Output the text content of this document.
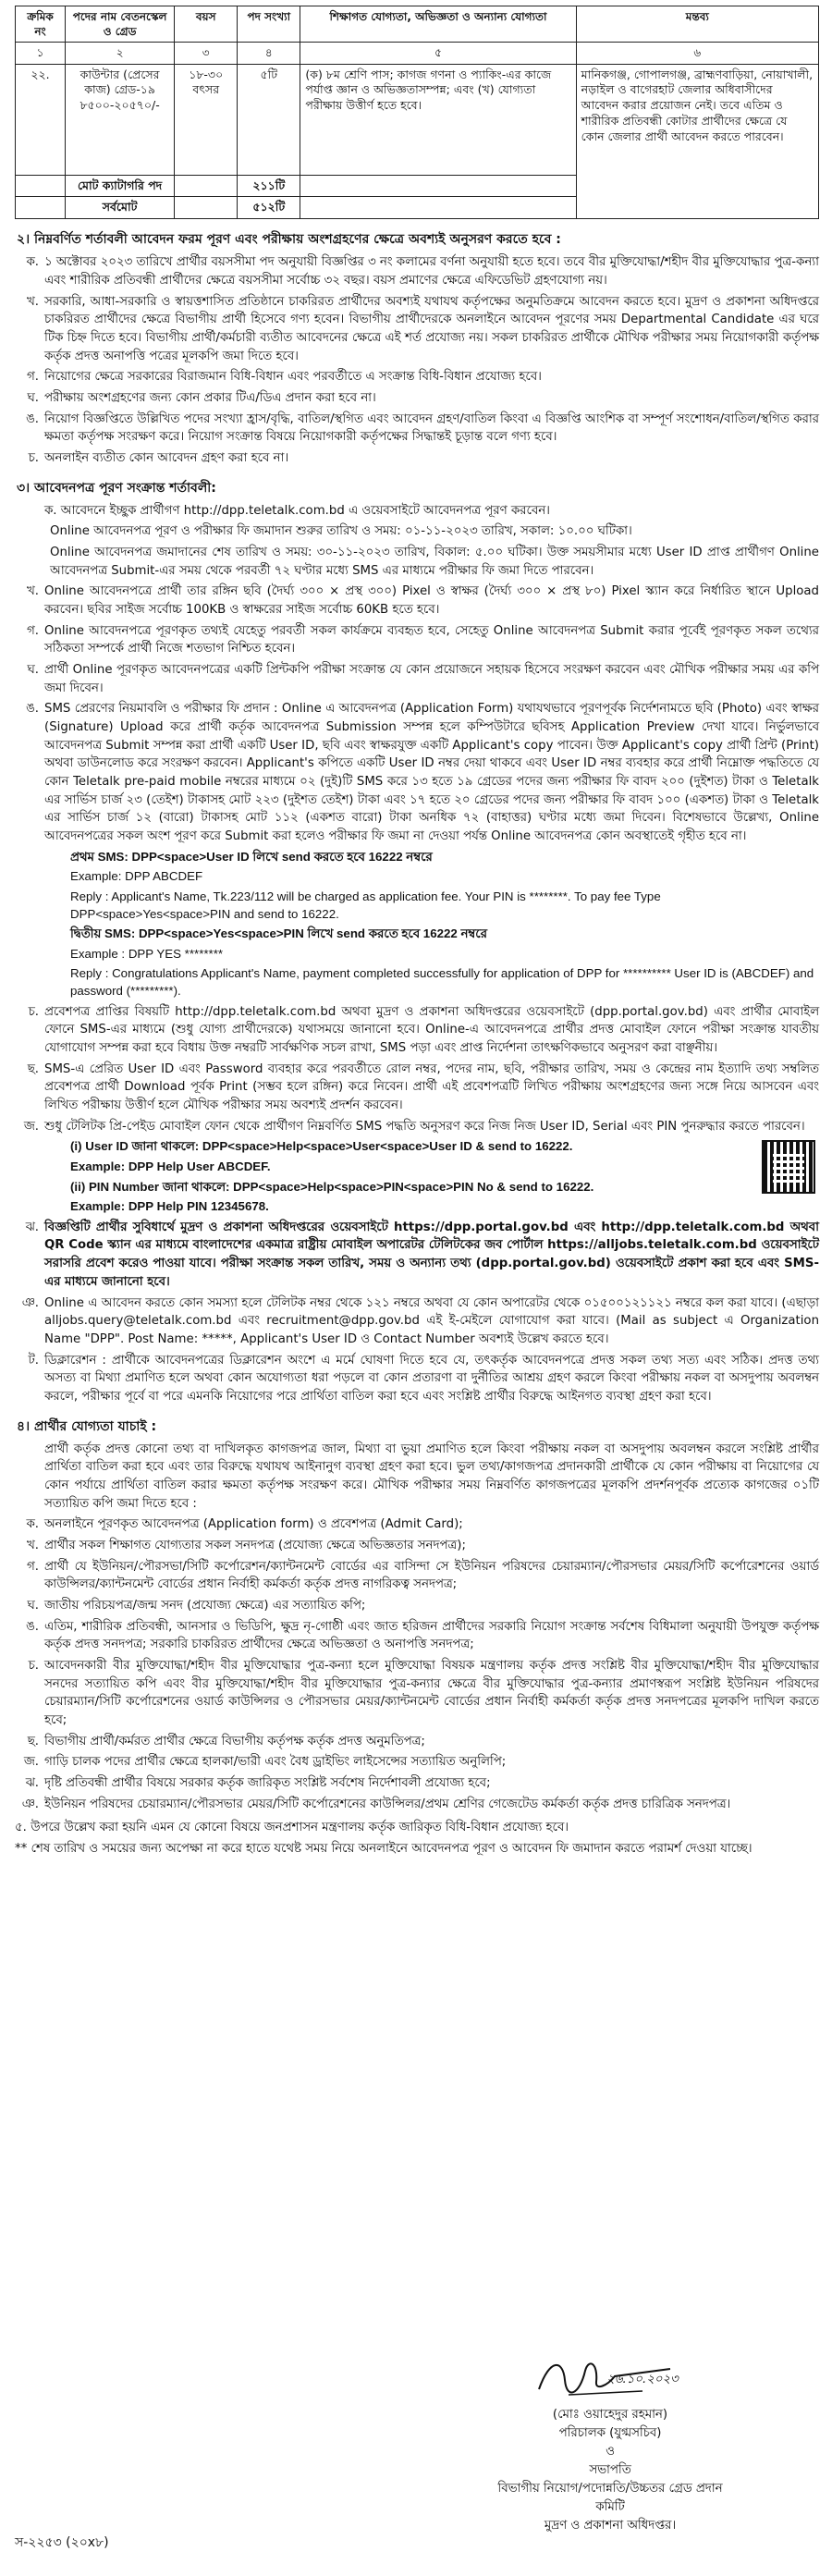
ক্রমিক নং	পদের নাম বেতনস্কেল ও গ্রেড	বয়স	পদ সংখ্যা	শিক্ষাগত যোগ্যতা, অভিজ্ঞতা ও অন্যান্য যোগ্যতা	মন্তব্য
১	২	৩	৪	৫	৬
২২.	কাউন্টার (প্রেসের কাজ) গ্রেড-১৯ ৮৫০০-২০৫৭০/-	১৮-৩০ বৎসর	৫টি	(ক) ৮ম শ্রেণি পাস; কাগজ গণনা ও প্যাকিং-এর কাজে পর্যাপ্ত জ্ঞান ও অভিজ্ঞতাসম্পন্ন; এবং (খ) যোগ্যতা পরীক্ষায় উত্তীর্ণ হতে হবে।	মানিকগঞ্জ, গোপালগঞ্জ, ব্রাহ্মণবাড়িয়া, নোয়াখালী, নড়াইল ও বাগেরহাট জেলার অধিবাসীদের আবেদন করার প্রয়োজন নেই। তবে এতিম ও শারীরিক প্রতিবন্ধী কোটার প্রার্থীদের ক্ষেত্রে যে কোন জেলার প্রার্থী আবেদন করতে পারবেন।
	মোট ক্যাটাগরি পদ		২১১টি		
	সর্বমোট		৫১২টি		
২। নিম্নবর্ণিত শর্তাবলী আবেদন ফরম পূরণ এবং পরীক্ষায় অংশগ্রহণের ক্ষেত্রে অবশ্যই অনুসরণ করতে হবে :
ক. ১ অক্টোবর ২০২৩ তারিখে প্রার্থীর বয়সসীমা পদ অনুযায়ী বিজ্ঞপ্তির ৩ নং কলামের বর্ণনা অনুযায়ী হতে হবে। তবে বীর মুক্তিযোদ্ধা/শহীদ বীর মুক্তিযোদ্ধার পুত্র-কন্যা এবং শারীরিক প্রতিবন্ধী প্রার্থীদের ক্ষেত্রে বয়সসীমা সর্বোচ্চ ৩২ বছর। বয়স প্রমাণের ক্ষেত্রে এফিডেভিট গ্রহণযোগ্য নয়।
খ. সরকারি, আধা-সরকারি ও স্বায়ত্তশাসিত প্রতিষ্ঠানে চাকরিরত প্রার্থীদের অবশ্যই যথাযথ কর্তৃপক্ষের অনুমতিক্রমে আবেদন করতে হবে। মুদ্রণ ও প্রকাশনা অধিদপ্তরে চাকরিরত প্রার্থীদের ক্ষেত্রে বিভাগীয় প্রার্থী হিসেবে গণ্য হবেন। বিভাগীয় প্রার্থীদেরকে অনলাইনে আবেদন পূরণের সময় Departmental Candidate এর ঘরে টিক চিহ্ন দিতে হবে। বিভাগীয় প্রার্থী/কর্মচারী ব্যতীত আবেদনের ক্ষেত্রে এই শর্ত প্রযোজ্য নয়। সকল চাকরিরত প্রার্থীকে মৌখিক পরীক্ষার সময় নিয়োগকারী কর্তৃপক্ষ কর্তৃক প্রদত্ত অনাপত্তি পত্রের মূলকপি জমা দিতে হবে।
গ. নিয়োগের ক্ষেত্রে সরকারের বিরাজমান বিধি-বিধান এবং পরবর্তীতে এ সংক্রান্ত বিধি-বিধান প্রযোজ্য হবে।
ঘ. পরীক্ষায় অংশগ্রহণের জন্য কোন প্রকার টিএ/ডিএ প্রদান করা হবে না।
ঙ. নিয়োগ বিজ্ঞপ্তিতে উল্লিখিত পদের সংখ্যা হ্রাস/বৃদ্ধি, বাতিল/স্থগিত এবং আবেদন গ্রহণ/বাতিল কিংবা এ বিজ্ঞপ্তি আংশিক বা সম্পূর্ণ সংশোধন/বাতিল/স্থগিত করার ক্ষমতা কর্তৃপক্ষ সংরক্ষণ করে। নিয়োগ সংক্রান্ত বিষয়ে নিয়োগকারী কর্তৃপক্ষের সিদ্ধান্তই চূড়ান্ত বলে গণ্য হবে।
চ. অনলাইন ব্যতীত কোন আবেদন গ্রহণ করা হবে না।
৩। আবেদনপত্র পূরণ সংক্রান্ত শর্তাবলী:
ক. আবেদনে ইচ্ছুক প্রার্থীগণ http://dpp.teletalk.com.bd এ ওয়েবসাইটে আবেদনপত্র পূরণ করবেন।
Online আবেদনপত্র পূরণ ও পরীক্ষার ফি জমাদান শুরুর তারিখ ও সময়: ০১-১১-২০২৩ তারিখ, সকাল: ১০.০০ ঘটিকা।
Online আবেদনপত্র জমাদানের শেষ তারিখ ও সময়: ৩০-১১-২০২৩ তারিখ, বিকাল: ৫.০০ ঘটিকা। উক্ত সময়সীমার মধ্যে User ID প্রাপ্ত প্রার্থীগণ Online আবেদনপত্র Submit-এর সময় থেকে পরবর্তী ৭২ ঘণ্টার মধ্যে SMS এর মাধ্যমে পরীক্ষার ফি জমা দিতে পারবেন।
খ. Online আবেদনপত্রে প্রার্থী তার রঙ্গিন ছবি (দৈর্ঘ্য ৩০০ × প্রস্থ ৩০০) Pixel ও স্বাক্ষর (দৈর্ঘ্য ৩০০ × প্রস্থ ৮০) Pixel স্ক্যান করে নির্ধারিত স্থানে Upload করবেন। ছবির সাইজ সর্বোচ্চ 100KB ও স্বাক্ষরের সাইজ সর্বোচ্চ 60KB হতে হবে।
গ. Online আবেদনপত্রে পূরণকৃত তথ্যই যেহেতু পরবর্তী সকল কার্যক্রমে ব্যবহৃত হবে, সেহেতু Online আবেদনপত্র Submit করার পূর্বেই পূরণকৃত সকল তথ্যের সঠিকতা সম্পর্কে প্রার্থী নিজে শতভাগ নিশ্চিত হবেন।
ঘ. প্রার্থী Online পূরণকৃত আবেদনপত্রের একটি প্রিন্টকপি পরীক্ষা সংক্রান্ত যে কোন প্রয়োজনে সহায়ক হিসেবে সংরক্ষণ করবেন এবং মৌখিক পরীক্ষার সময় এর কপি জমা দিবেন।
ঙ. SMS প্রেরণের নিয়মাবলি ও পরীক্ষার ফি প্রদান : Online এ আবেদনপত্র (Application Form) যথাযথভাবে পূরণপূর্বক নির্দেশনামতে ছবি (Photo) এবং স্বাক্ষর (Signature) Upload করে প্রার্থী কর্তৃক আবেদনপত্র Submission সম্পন্ন হলে কম্পিউটারে ছবিসহ Application Preview দেখা যাবে। নির্ভুলভাবে আবেদনপত্র Submit সম্পন্ন করা প্রার্থী একটি User ID, ছবি এবং স্বাক্ষরযুক্ত একটি Applicant's copy পাবেন। উক্ত Applicant's copy প্রার্থী প্রিন্ট (Print) অথবা ডাউনলোড করে সংরক্ষণ করবেন। Applicant's কপিতে একটি User ID নম্বর দেয়া থাকবে এবং User ID নম্বর ব্যবহার করে প্রার্থী নিম্নোক্ত পদ্ধতিতে যে কোন Teletalk pre-paid mobile নম্বরের মাধ্যমে ০২ (দুই)টি SMS করে ১৩ হতে ১৯ গ্রেডের পদের জন্য পরীক্ষার ফি বাবদ ২০০ (দুইশত) টাকা ও Teletalk এর সার্ভিস চার্জ ২৩ (তেইশ) টাকাসহ মোট ২২৩ (দুইশত তেইশ) টাকা এবং ১৭ হতে ২০ গ্রেডের পদের জন্য পরীক্ষার ফি বাবদ ১০০ (একশত) টাকা ও Teletalk এর সার্ভিস চার্জ ১২ (বারো) টাকাসহ মোট ১১২ (একশত বারো) টাকা অনধিক ৭২ (বাহাত্তর) ঘণ্টার মধ্যে জমা দিবেন। বিশেষভাবে উল্লেখ্য, Online আবেদনপত্রের সকল অংশ পূরণ করে Submit করা হলেও পরীক্ষার ফি জমা না দেওয়া পর্যন্ত Online আবেদনপত্র কোন অবস্থাতেই গৃহীত হবে না।
প্রথম SMS: DPP<space>User ID লিখে send করতে হবে 16222 নম্বরে
Example: DPP ABCDEF
Reply : Applicant's Name, Tk.223/112 will be charged as application fee. Your PIN is ********. To pay fee Type DPP<space>Yes<space>PIN and send to 16222.
দ্বিতীয় SMS: DPP<space>Yes<space>PIN লিখে send করতে হবে 16222 নম্বরে
Example : DPP YES ********
Reply : Congratulations Applicant's Name, payment completed successfully for application of DPP for ********** User ID is (ABCDEF) and password (*********).
চ. প্রবেশপত্র প্রাপ্তির বিষয়টি http://dpp.teletalk.com.bd অথবা মুদ্রণ ও প্রকাশনা অধিদপ্তরের ওয়েবসাইটে (dpp.portal.gov.bd) এবং প্রার্থীর মোবাইল ফোনে SMS-এর মাধ্যমে (শুধু যোগ্য প্রার্থীদেরকে) যথাসময়ে জানানো হবে। Online-এ আবেদনপত্রে প্রার্থীর প্রদত্ত মোবাইল ফোনে পরীক্ষা সংক্রান্ত যাবতীয় যোগাযোগ সম্পন্ন করা হবে বিধায় উক্ত নম্বরটি সার্বক্ষণিক সচল রাখা, SMS পড়া এবং প্রাপ্ত নির্দেশনা তাৎক্ষণিকভাবে অনুসরণ করা বাঞ্ছনীয়।
ছ. SMS-এ প্রেরিত User ID এবং Password ব্যবহার করে পরবর্তীতে রোল নম্বর, পদের নাম, ছবি, পরীক্ষার তারিখ, সময় ও কেন্দ্রের নাম ইত্যাদি তথ্য সম্বলিত প্রবেশপত্র প্রার্থী Download পূর্বক Print (সম্ভব হলে রঙ্গিন) করে নিবেন। প্রার্থী এই প্রবেশপত্রটি লিখিত পরীক্ষায় অংশগ্রহণের জন্য সঙ্গে নিয়ে আসবেন এবং লিখিত পরীক্ষায় উত্তীর্ণ হলে মৌখিক পরীক্ষার সময় অবশ্যই প্রদর্শন করবেন।
জ. শুধু টেলিটক প্রি-পেইড মোবাইল ফোন থেকে প্রার্থীগণ নিম্নবর্ণিত SMS পদ্ধতি অনুসরণ করে নিজ নিজ User ID, Serial এবং PIN পুনরুদ্ধার করতে পারবেন।
(i) User ID জানা থাকলে: DPP<space>Help<space>User<space>User ID & send to 16222.
Example: DPP Help User ABCDEF.
(ii) PIN Number জানা থাকলে: DPP<space>Help<space>PIN<space>PIN No & send to 16222.
Example: DPP Help PIN 12345678.
ঝ. বিজ্ঞপ্তিটি প্রার্থীর সুবিধার্থে মুদ্রণ ও প্রকাশনা অধিদপ্তরের ওয়েবসাইটে https://dpp.portal.gov.bd এবং http://dpp.teletalk.com.bd অথবা QR Code স্ক্যান এর মাধ্যমে বাংলাদেশের একমাত্র রাষ্ট্রীয় মোবাইল অপারেটর টেলিটকের জব পোর্টাল https://alljobs.teletalk.com.bd ওয়েবসাইটে সরাসরি প্রবেশ করেও পাওয়া যাবে। পরীক্ষা সংক্রান্ত সকল তারিখ, সময় ও অন্যান্য তথ্য (dpp.portal.gov.bd) ওয়েবসাইটে প্রকাশ করা হবে এবং SMS-এর মাধ্যমে জানানো হবে।
ঞ. Online এ আবেদন করতে কোন সমস্যা হলে টেলিটক নম্বর থেকে ১২১ নম্বরে অথবা যে কোন অপারেটর থেকে ০১৫০০১২১১২১ নম্বরে কল করা যাবে। (এছাড়া alljobs.query@teletalk.com.bd এবং recruitment@dpp.gov.bd এই ই-মেইলে যোগাযোগ করা যাবে। (Mail as subject এ Organization Name "DPP". Post Name: *****, Applicant's User ID ও Contact Number অবশ্যই উল্লেখ করতে হবে।
ট. ডিক্লারেশন : প্রার্থীকে আবেদনপত্রের ডিক্লারেশন অংশে এ মর্মে ঘোষণা দিতে হবে যে, তৎকর্তৃক আবেদনপত্রে প্রদত্ত সকল তথ্য সত্য এবং সঠিক। প্রদত্ত তথ্য অসত্য বা মিথ্যা প্রমাণিত হলে অথবা কোন অযোগ্যতা ধরা পড়লে বা কোন প্রতারণা বা দুর্নীতির আশ্রয় গ্রহণ করলে কিংবা পরীক্ষায় নকল বা অসদুপায় অবলম্বন করলে, পরীক্ষার পূর্বে বা পরে এমনকি নিয়োগের পরে প্রার্থিতা বাতিল করা হবে এবং সংশ্লিষ্ট প্রার্থীর বিরুদ্ধে আইনগত ব্যবস্থা গ্রহণ করা হবে।
৪। প্রার্থীর যোগ্যতা যাচাই :
প্রার্থী কর্তৃক প্রদত্ত কোনো তথ্য বা দাখিলকৃত কাগজপত্র জাল, মিথ্যা বা ভুয়া প্রমাণিত হলে কিংবা পরীক্ষায় নকল বা অসদুপায় অবলম্বন করলে সংশ্লিষ্ট প্রার্থীর প্রার্থিতা বাতিল করা হবে এবং তার বিরুদ্ধে যথাযথ আইনানুগ ব্যবস্থা গ্রহণ করা হবে। ভুল তথ্য/কাগজপত্র প্রদানকারী প্রার্থীকে যে কোন পরীক্ষায় বা নিয়োগের যে কোন পর্যায়ে প্রার্থিতা বাতিল করার ক্ষমতা কর্তৃপক্ষ সংরক্ষণ করে। মৌখিক পরীক্ষার সময় নিম্নবর্ণিত কাগজপত্রের মূলকপি প্রদর্শনপূর্বক প্রত্যেক কাগজের ০১টি সত্যায়িত কপি জমা দিতে হবে :
ক. অনলাইনে পূরণকৃত আবেদনপত্র (Application form) ও প্রবেশপত্র (Admit Card);
খ. প্রার্থীর সকল শিক্ষাগত যোগ্যতার সকল সনদপত্র (প্রযোজ্য ক্ষেত্রে অভিজ্ঞতার সনদপত্র);
গ. প্রার্থী যে ইউনিয়ন/পৌরসভা/সিটি কর্পোরেশন/ক্যান্টনমেন্ট বোর্ডের এর বাসিন্দা সে ইউনিয়ন পরিষদের চেয়ারম্যান/পৌরসভার মেয়র/সিটি কর্পোরেশনের ওয়ার্ড কাউন্সিলর/ক্যান্টনমেন্ট বোর্ডের প্রধান নির্বাহী কর্মকর্তা কর্তৃক প্রদত্ত নাগরিকত্ব সনদপত্র;
ঘ. জাতীয় পরিচয়পত্র/জন্ম সনদ (প্রযোজ্য ক্ষেত্রে) এর সত্যায়িত কপি;
ঙ. এতিম, শারীরিক প্রতিবন্ধী, আনসার ও ভিডিপি, ক্ষুদ্র নৃ-গোষ্ঠী এবং জাত হরিজন প্রার্থীদের সরকারি নিয়োগ সংক্রান্ত সর্বশেষ বিধিমালা অনুযায়ী উপযুক্ত কর্তৃপক্ষ কর্তৃক প্রদত্ত সনদপত্র; সরকারি চাকরিরত প্রার্থীদের ক্ষেত্রে অভিজ্ঞতা ও অনাপত্তি সনদপত্র;
চ. আবেদনকারী বীর মুক্তিযোদ্ধা/শহীদ বীর মুক্তিযোদ্ধার পুত্র-কন্যা হলে মুক্তিযোদ্ধা বিষয়ক মন্ত্রণালয় কর্তৃক প্রদত্ত সংশ্লিষ্ট বীর মুক্তিযোদ্ধা/শহীদ বীর মুক্তিযোদ্ধার সনদের সত্যায়িত কপি এবং বীর মুক্তিযোদ্ধা/শহীদ বীর মুক্তিযোদ্ধার পুত্র-কন্যার ক্ষেত্রে বীর মুক্তিযোদ্ধার পুত্র-কন্যার প্রমাণস্বরূপ সংশ্লিষ্ট ইউনিয়ন পরিষদের চেয়ারম্যান/সিটি কর্পোরেশনের ওয়ার্ড কাউন্সিলর ও পৌরসভার মেয়র/ক্যান্টনমেন্ট বোর্ডের প্রধান নির্বাহী কর্মকর্তা কর্তৃক প্রদত্ত সনদপত্রের মূলকপি দাখিল করতে হবে;
ছ. বিভাগীয় প্রার্থী/কর্মরত প্রার্থীর ক্ষেত্রে বিভাগীয় কর্তৃপক্ষ কর্তৃক প্রদত্ত অনুমতিপত্র;
জ. গাড়ি চালক পদের প্রার্থীর ক্ষেত্রে হালকা/ভারী এবং বৈধ ড্রাইভিং লাইসেন্সের সত্যায়িত অনুলিপি;
ঝ. দৃষ্টি প্রতিবন্ধী প্রার্থীর বিষয়ে সরকার কর্তৃক জারিকৃত সংশ্লিষ্ট সর্বশেষ নির্দেশাবলী প্রযোজ্য হবে;
ঞ. ইউনিয়ন পরিষদের চেয়ারম্যান/পৌরসভার মেয়র/সিটি কর্পোরেশনের কাউন্সিলর/প্রথম শ্রেণির গেজেটেড কর্মকর্তা কর্তৃক প্রদত্ত চারিত্রিক সনদপত্র।
৫. উপরে উল্লেখ করা হয়নি এমন যে কোনো বিষয়ে জনপ্রশাসন মন্ত্রণালয় কর্তৃক জারিকৃত বিধি-বিধান প্রযোজ্য হবে।
** শেষ তারিখ ও সময়ের জন্য অপেক্ষা না করে হাতে যথেষ্ট সময় নিয়ে অনলাইনে আবেদনপত্র পূরণ ও আবেদন ফি জমাদান করতে পরামর্শ দেওয়া যাচ্ছে।
২৬.১০.২০২৩
(মোঃ ওয়াহেদুর রহমান)
পরিচালক (যুগ্মসচিব)
ও
সভাপতি
বিভাগীয় নিয়োগ/পদোন্নতি/উচ্চতর গ্রেড প্রদান কমিটি
মুদ্রণ ও প্রকাশনা অধিদপ্তর।
স-২২৫৩ (২০x৮)
